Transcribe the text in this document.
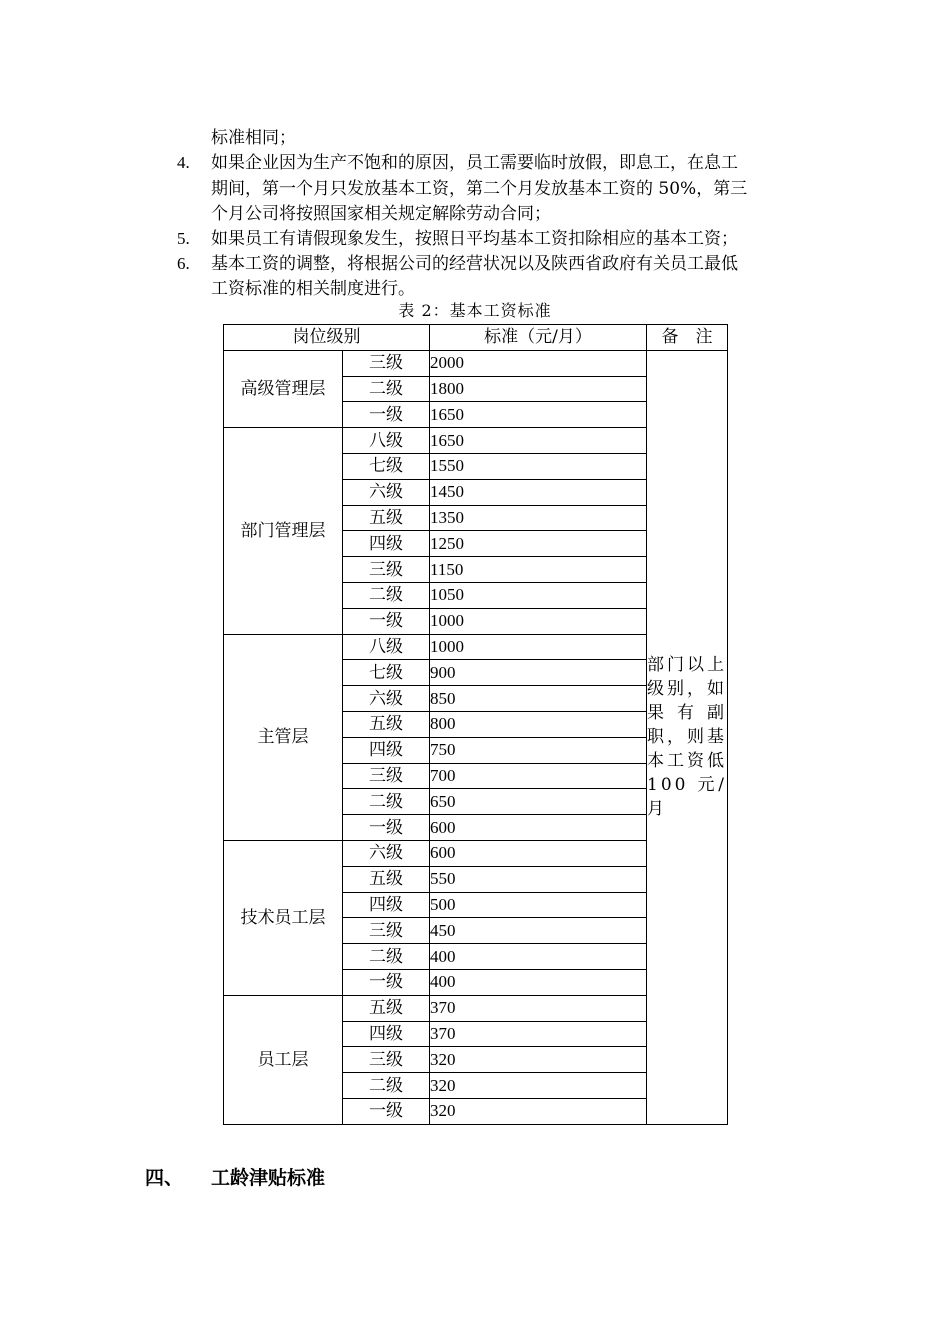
标准相同；
4. 如果企业因为生产不饱和的原因，员工需要临时放假，即息工，在息工
期间，第一个月只发放基本工资，第二个月发放基本工资的 50%，第三
个月公司将按照国家相关规定解除劳动合同；
5. 如果员工有请假现象发生，按照日平均基本工资扣除相应的基本工资；
6. 基本工资的调整，将根据公司的经营状况以及陕西省政府有关员工最低
工资标准的相关制度进行。
表 2：基本工资标准
岗位级别		标准（元/月）	备　注
高级管理层	三级	2000	部门以上级别，如果有副职，则基本工资低 100 元/月
	二级	1800	
	一级	1650	
部门管理层	八级	1650	
	七级	1550	
	六级	1450	
	五级	1350	
	四级	1250	
	三级	1150	
	二级	1050	
	一级	1000	
主管层	八级	1000	
	七级	900	
	六级	850	
	五级	800	
	四级	750	
	三级	700	
	二级	650	
	一级	600	
技术员工层	六级	600	
	五级	550	
	四级	500	
	三级	450	
	二级	400	
	一级	400	
员工层	五级	370	
	四级	370	
	三级	320	
	二级	320	
	一级	320	
四、 工龄津贴标准
